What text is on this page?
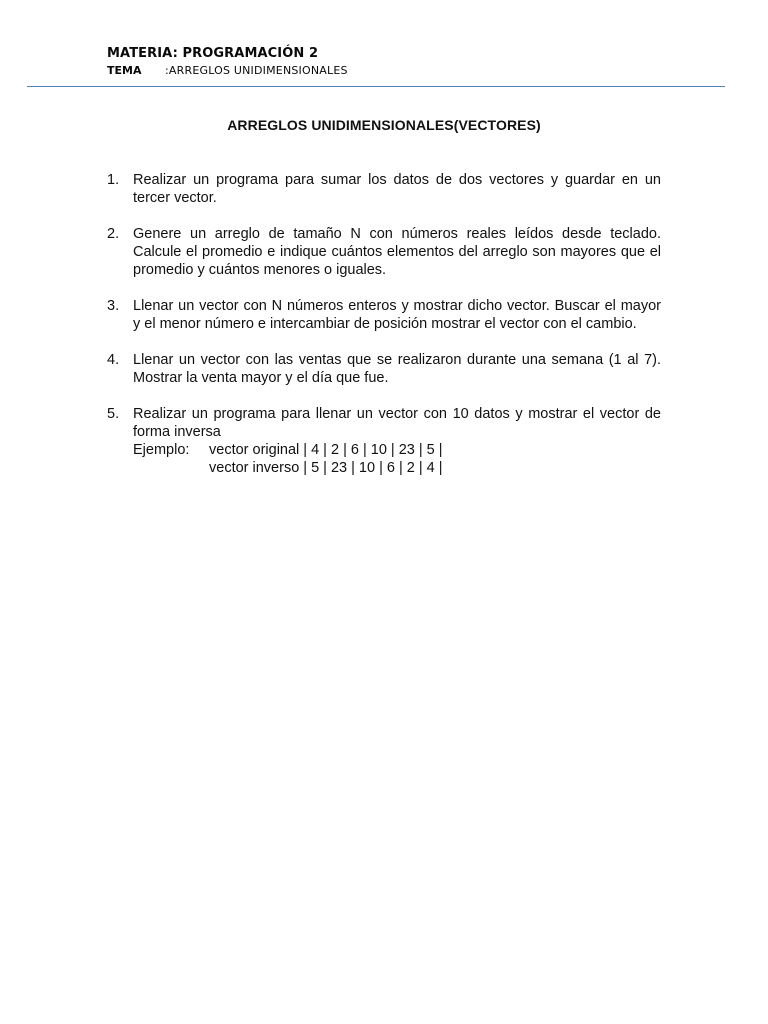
MATERIA: PROGRAMACIÓN 2
TEMA	:ARREGLOS UNIDIMENSIONALES
ARREGLOS UNIDIMENSIONALES(VECTORES)
1. Realizar un programa para sumar los datos de dos vectores y guardar en un tercer vector.
2. Genere un arreglo de tamaño N con números reales leídos desde teclado. Calcule el promedio e indique cuántos elementos del arreglo son mayores que el promedio y cuántos menores o iguales.
3. Llenar un vector con N números enteros y mostrar dicho vector. Buscar el mayor y el menor número e intercambiar de posición mostrar el vector con el cambio.
4. Llenar un vector con las ventas que se realizaron durante una semana (1 al 7). Mostrar la venta mayor y el día que fue.
5. Realizar un programa para llenar un vector con 10 datos y mostrar el vector de forma inversa
Ejemplo:	vector original | 4 | 2 | 6 | 10 | 23 | 5 |
vector inverso | 5 | 23 | 10 | 6 | 2 | 4 |
